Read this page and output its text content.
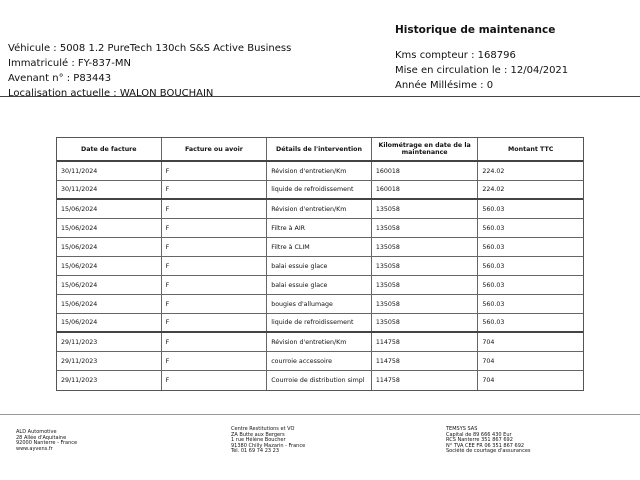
Historique de maintenance
Véhicule : 5008 1.2 PureTech 130ch S&S Active Business
Immatriculé : FY-837-MN
Avenant n° : P83443
Localisation actuelle : WALON BOUCHAIN
Kms compteur : 168796
Mise en circulation le : 12/04/2021
Année Millésime : 0
Date de facture	Facture ou avoir	Détails de l'intervention	Kilométrage en date de la maintenance	Montant TTC
30/11/2024	F	Révision d'entretien/Km	160018	224.02
30/11/2024	F	liquide de refroidissement	160018	224.02
15/06/2024	F	Révision d'entretien/Km	135058	560.03
15/06/2024	F	Filtre à AIR	135058	560.03
15/06/2024	F	Filtre à CLIM	135058	560.03
15/06/2024	F	balai essuie glace	135058	560.03
15/06/2024	F	balai essuie glace	135058	560.03
15/06/2024	F	bougies d'allumage	135058	560.03
15/06/2024	F	liquide de refroidissement	135058	560.03
29/11/2023	F	Révision d'entretien/Km	114758	704
29/11/2023	F	courroie accessoire	114758	704
29/11/2023	F	Courroie de distribution simpl	114758	704
ALD Automotive
28 Allée d'Aquitaine
92000 Nanterre - France
www.ayvens.fr
Centre Restitutions et VO
ZA Butte aux Bergers
1 rue Hélène Boucher
91380 Chilly Mazarin - France
Tél. 01 69 74 23 23
TEMSYS SAS
Capital de 89 666 430 Eur
RCS Nanterre 351 867 692
N° TVA CEE FR 06 351 867 692
Société de courtage d'assurances
